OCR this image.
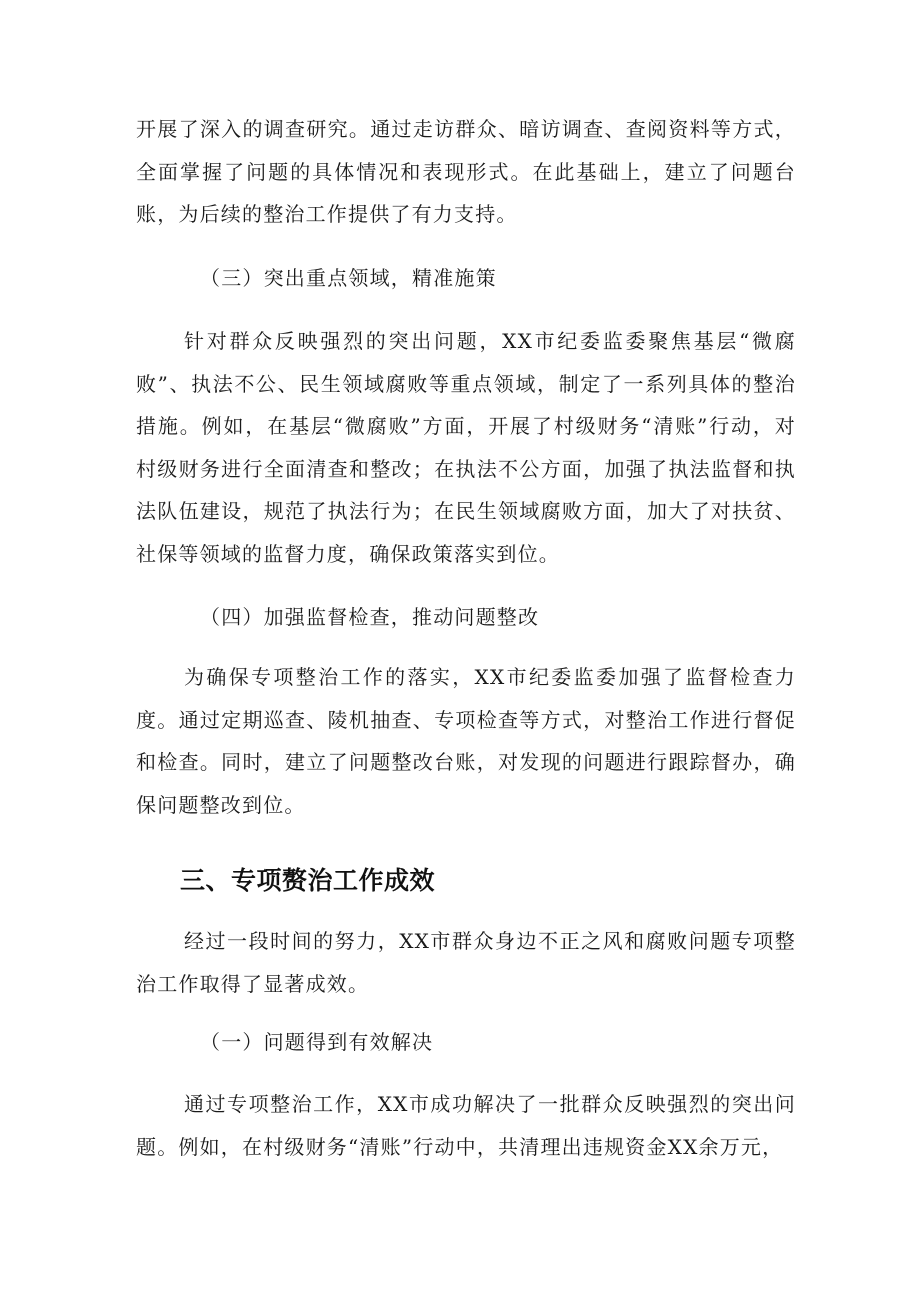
开展了深入的调查研究。通过走访群众、暗访调查、查阅资料等方式，全面掌握了问题的具体情况和表现形式。在此基础上，建立了问题台账，为后续的整治工作提供了有力支持。

（三）突出重点领域，精准施策

针对群众反映强烈的突出问题，XX市纪委监委聚焦基层“微腐败”、执法不公、民生领域腐败等重点领域，制定了一系列具体的整治措施。例如，在基层“微腐败”方面，开展了村级财务“清账”行动，对村级财务进行全面清查和整改；在执法不公方面，加强了执法监督和执法队伍建设，规范了执法行为；在民生领域腐败方面，加大了对扶贫、社保等领域的监督力度，确保政策落实到位。

（四）加强监督检查，推动问题整改

为确保专项整治工作的落实，XX市纪委监委加强了监督检查力度。通过定期巡查、陵机抽查、专项检查等方式，对整治工作进行督促和检查。同时，建立了问题整改台账，对发现的问题进行跟踪督办，确保问题整改到位。

三、专项赘治工作成效

经过一段时间的努力，XX市群众身边不正之风和腐败问题专项整治工作取得了显著成效。

（一）问题得到有效解决

通过专项整治工作，XX市成功解决了一批群众反映强烈的突出问题。例如，在村级财务“清账”行动中，共清理出违规资金XX余万元，
